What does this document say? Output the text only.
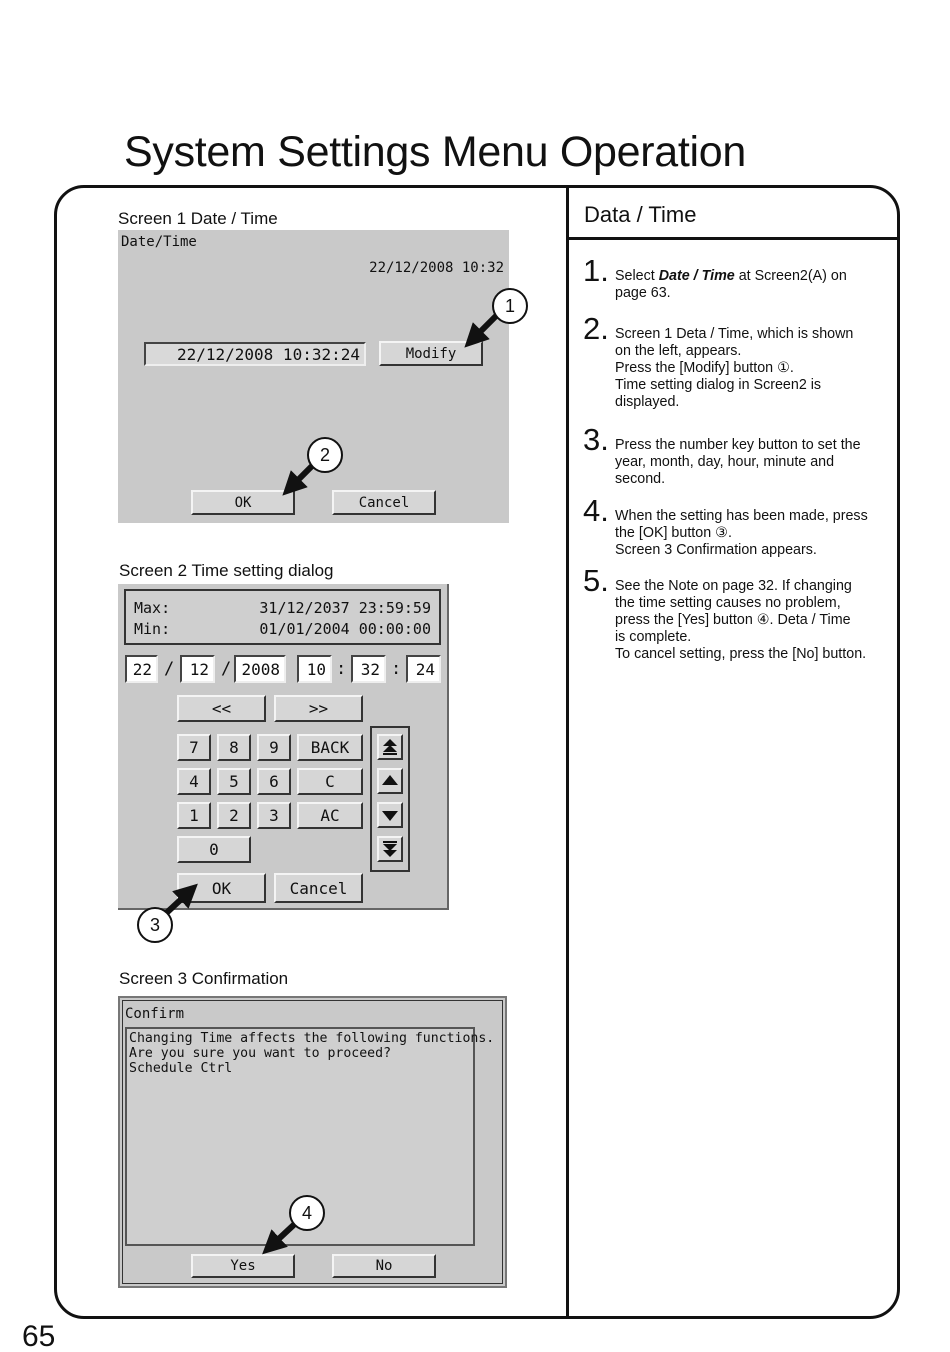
System Settings Menu Operation
Data / Time
65
Screen 1 Date / Time
Date/Time
22/12/2008 10:32
22/12/2008 10:32:24	Modify
OK	Cancel
Screen 2 Time setting dialog
Max:	31/12/2037 23:59:59
Min:	01/01/2004 00:00:00
22 / 12 / 2008	10 : 32 : 24
<<	>>
7	8	9	BACK
4	5	6	C
1	2	3	AC
0
OK	Cancel
Screen 3 Confirmation
Confirm
Changing Time affects the following functions.
Are you sure you want to proceed?
Schedule Ctrl
Yes	No
1
2
3
4
1. Select Date / Time at Screen2(A) on

page 63.

2. Screen 1 Deta / Time, which is shown

on the left, appears.

Press the [Modify] button ①.

Time setting dialog in Screen2 is

displayed.

3. Press the number key button to set the

year, month, day, hour, minute and

second.

4. When the setting has been made, press

the [OK] button ③.

Screen 3 Confirmation appears.

5. See the Note on page 32. If changing

the time setting causes no problem,

press the [Yes] button ④. Deta / Time

is complete.

To cancel setting, press the [No] button.
